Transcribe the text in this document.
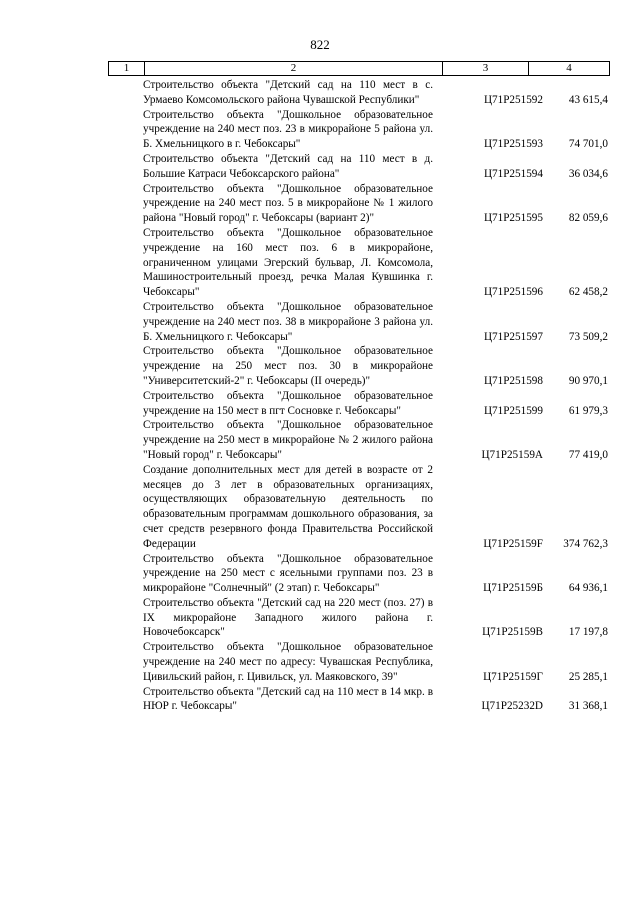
822
1	2	3	4
Строительство объекта "Детский сад на 110 мест в с. Урмаево Комсомольского района Чувашской Республики"	Ц71Р251592	43 615,4
Строительство объекта "Дошкольное образовательное учреждение на 240 мест поз. 23 в микрорайоне 5 района ул. Б. Хмельницкого в г. Чебоксары"	Ц71Р251593	74 701,0
Строительство объекта "Детский сад на 110 мест в д. Большие Катраси Чебоксарского района"	Ц71Р251594	36 034,6
Строительство объекта "Дошкольное образовательное учреждение на 240 мест поз. 5 в микрорайоне № 1 жилого района "Новый город" г. Чебоксары (вариант 2)"	Ц71Р251595	82 059,6
Строительство объекта "Дошкольное образовательное учреждение на 160 мест поз. 6 в микрорайоне, ограниченном улицами Эгерский бульвар, Л. Комсомола, Машиностроительный проезд, речка Малая Кувшинка г. Чебоксары"	Ц71Р251596	62 458,2
Строительство объекта "Дошкольное образовательное учреждение на 240 мест поз. 38 в микрорайоне 3 района ул. Б. Хмельницкого г. Чебоксары"	Ц71Р251597	73 509,2
Строительство объекта "Дошкольное образовательное учреждение на 250 мест поз. 30 в микрорайоне "Университетский-2" г. Чебоксары (II очередь)"	Ц71Р251598	90 970,1
Строительство объекта "Дошкольное образовательное учреждение на 150 мест в пгт Сосновке г. Чебоксары"	Ц71Р251599	61 979,3
Строительство объекта "Дошкольное образовательное учреждение на 250 мест в микрорайоне № 2 жилого района "Новый город" г. Чебоксары"	Ц71Р25159А	77 419,0
Создание дополнительных мест для детей в возрасте от 2 месяцев до 3 лет в образовательных организациях, осуществляющих образовательную деятельность по образовательным программам дошкольного образования, за счет средств резервного фонда Правительства Российской Федерации	Ц71Р25159F	374 762,3
Строительство объекта "Дошкольное образовательное учреждение на 250 мест с ясельными группами поз. 23 в микрорайоне "Солнечный" (2 этап) г. Чебоксары"	Ц71Р25159Б	64 936,1
Строительство объекта "Детский сад на 220 мест (поз. 27) в IX микрорайоне Западного жилого района г. Новочебоксарск"	Ц71Р25159В	17 197,8
Строительство объекта "Дошкольное образовательное учреждение на 240 мест по адресу: Чувашская Республика, Цивильский район, г. Цивильск, ул. Маяковского, 39"	Ц71Р25159Г	25 285,1
Строительство объекта "Детский сад на 110 мест в 14 мкр. в НЮР г. Чебоксары"	Ц71Р25232D	31 368,1
